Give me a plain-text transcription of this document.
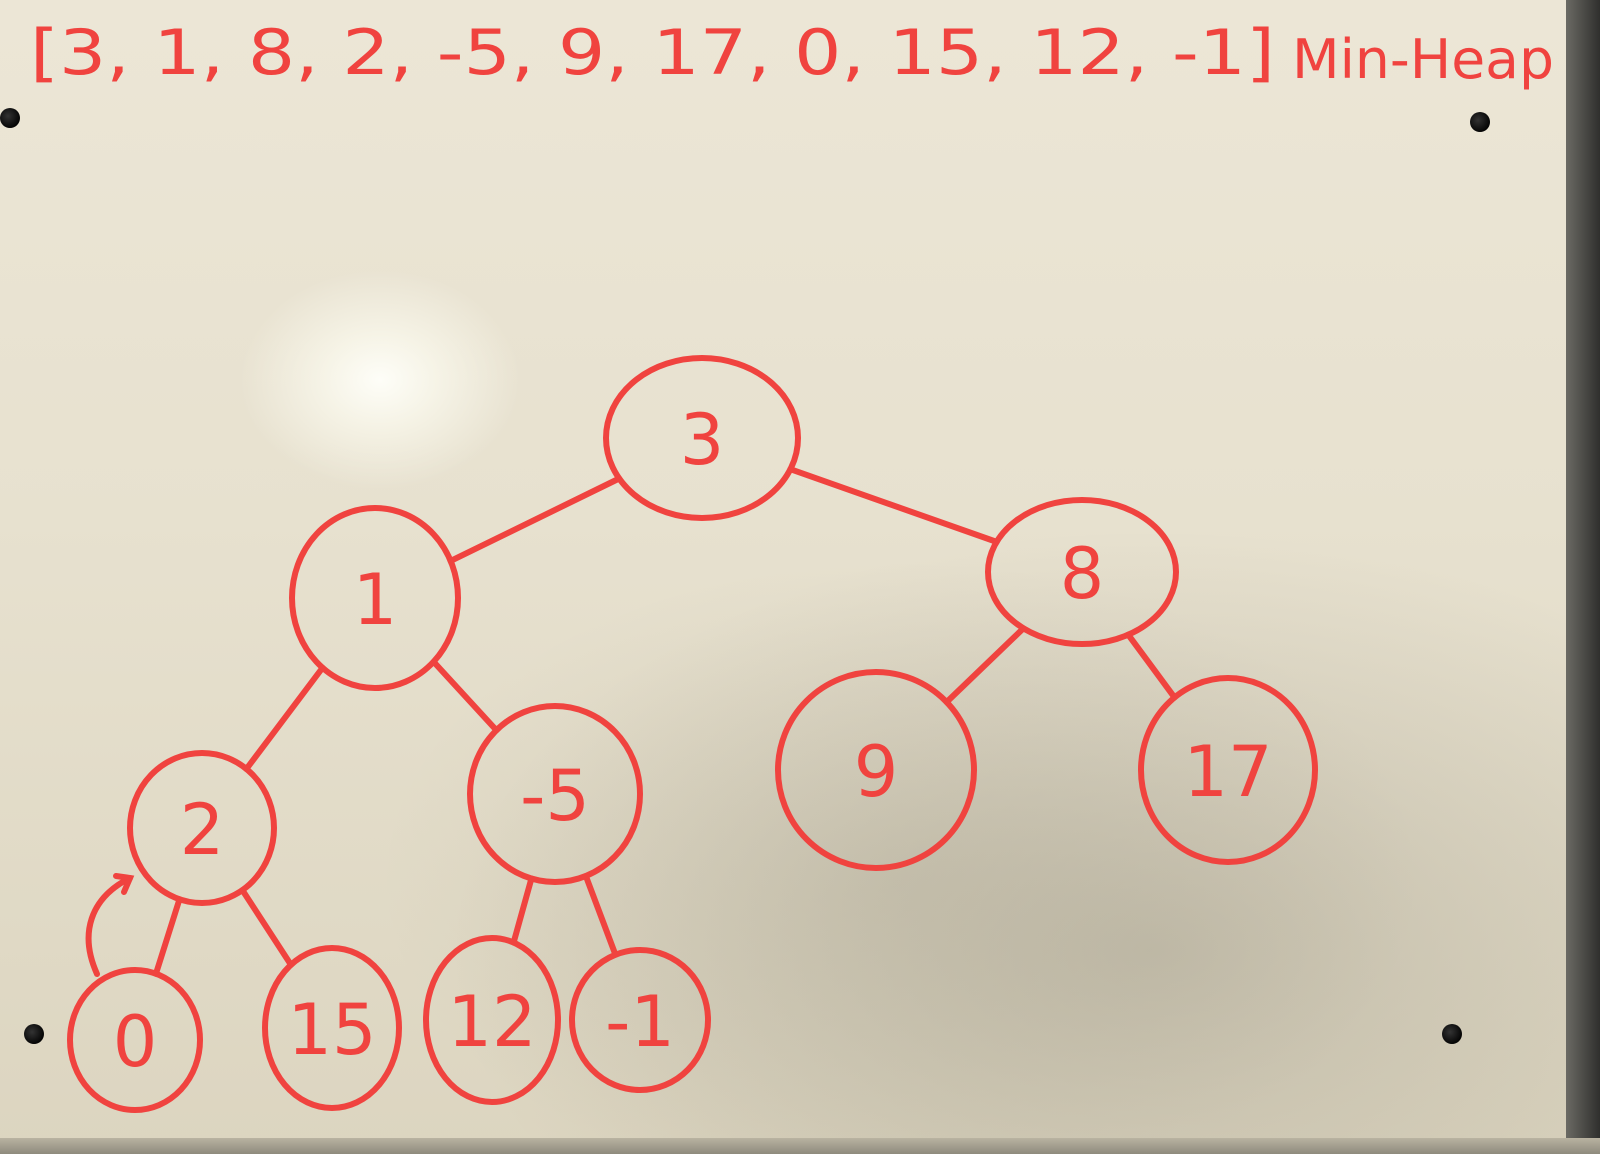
[3, 1, 8, 2, -5, 9, 17, 0, 15, 12, -1] Min-Heap
3
1	8
2	-5	9	17
0 15 12 -1
